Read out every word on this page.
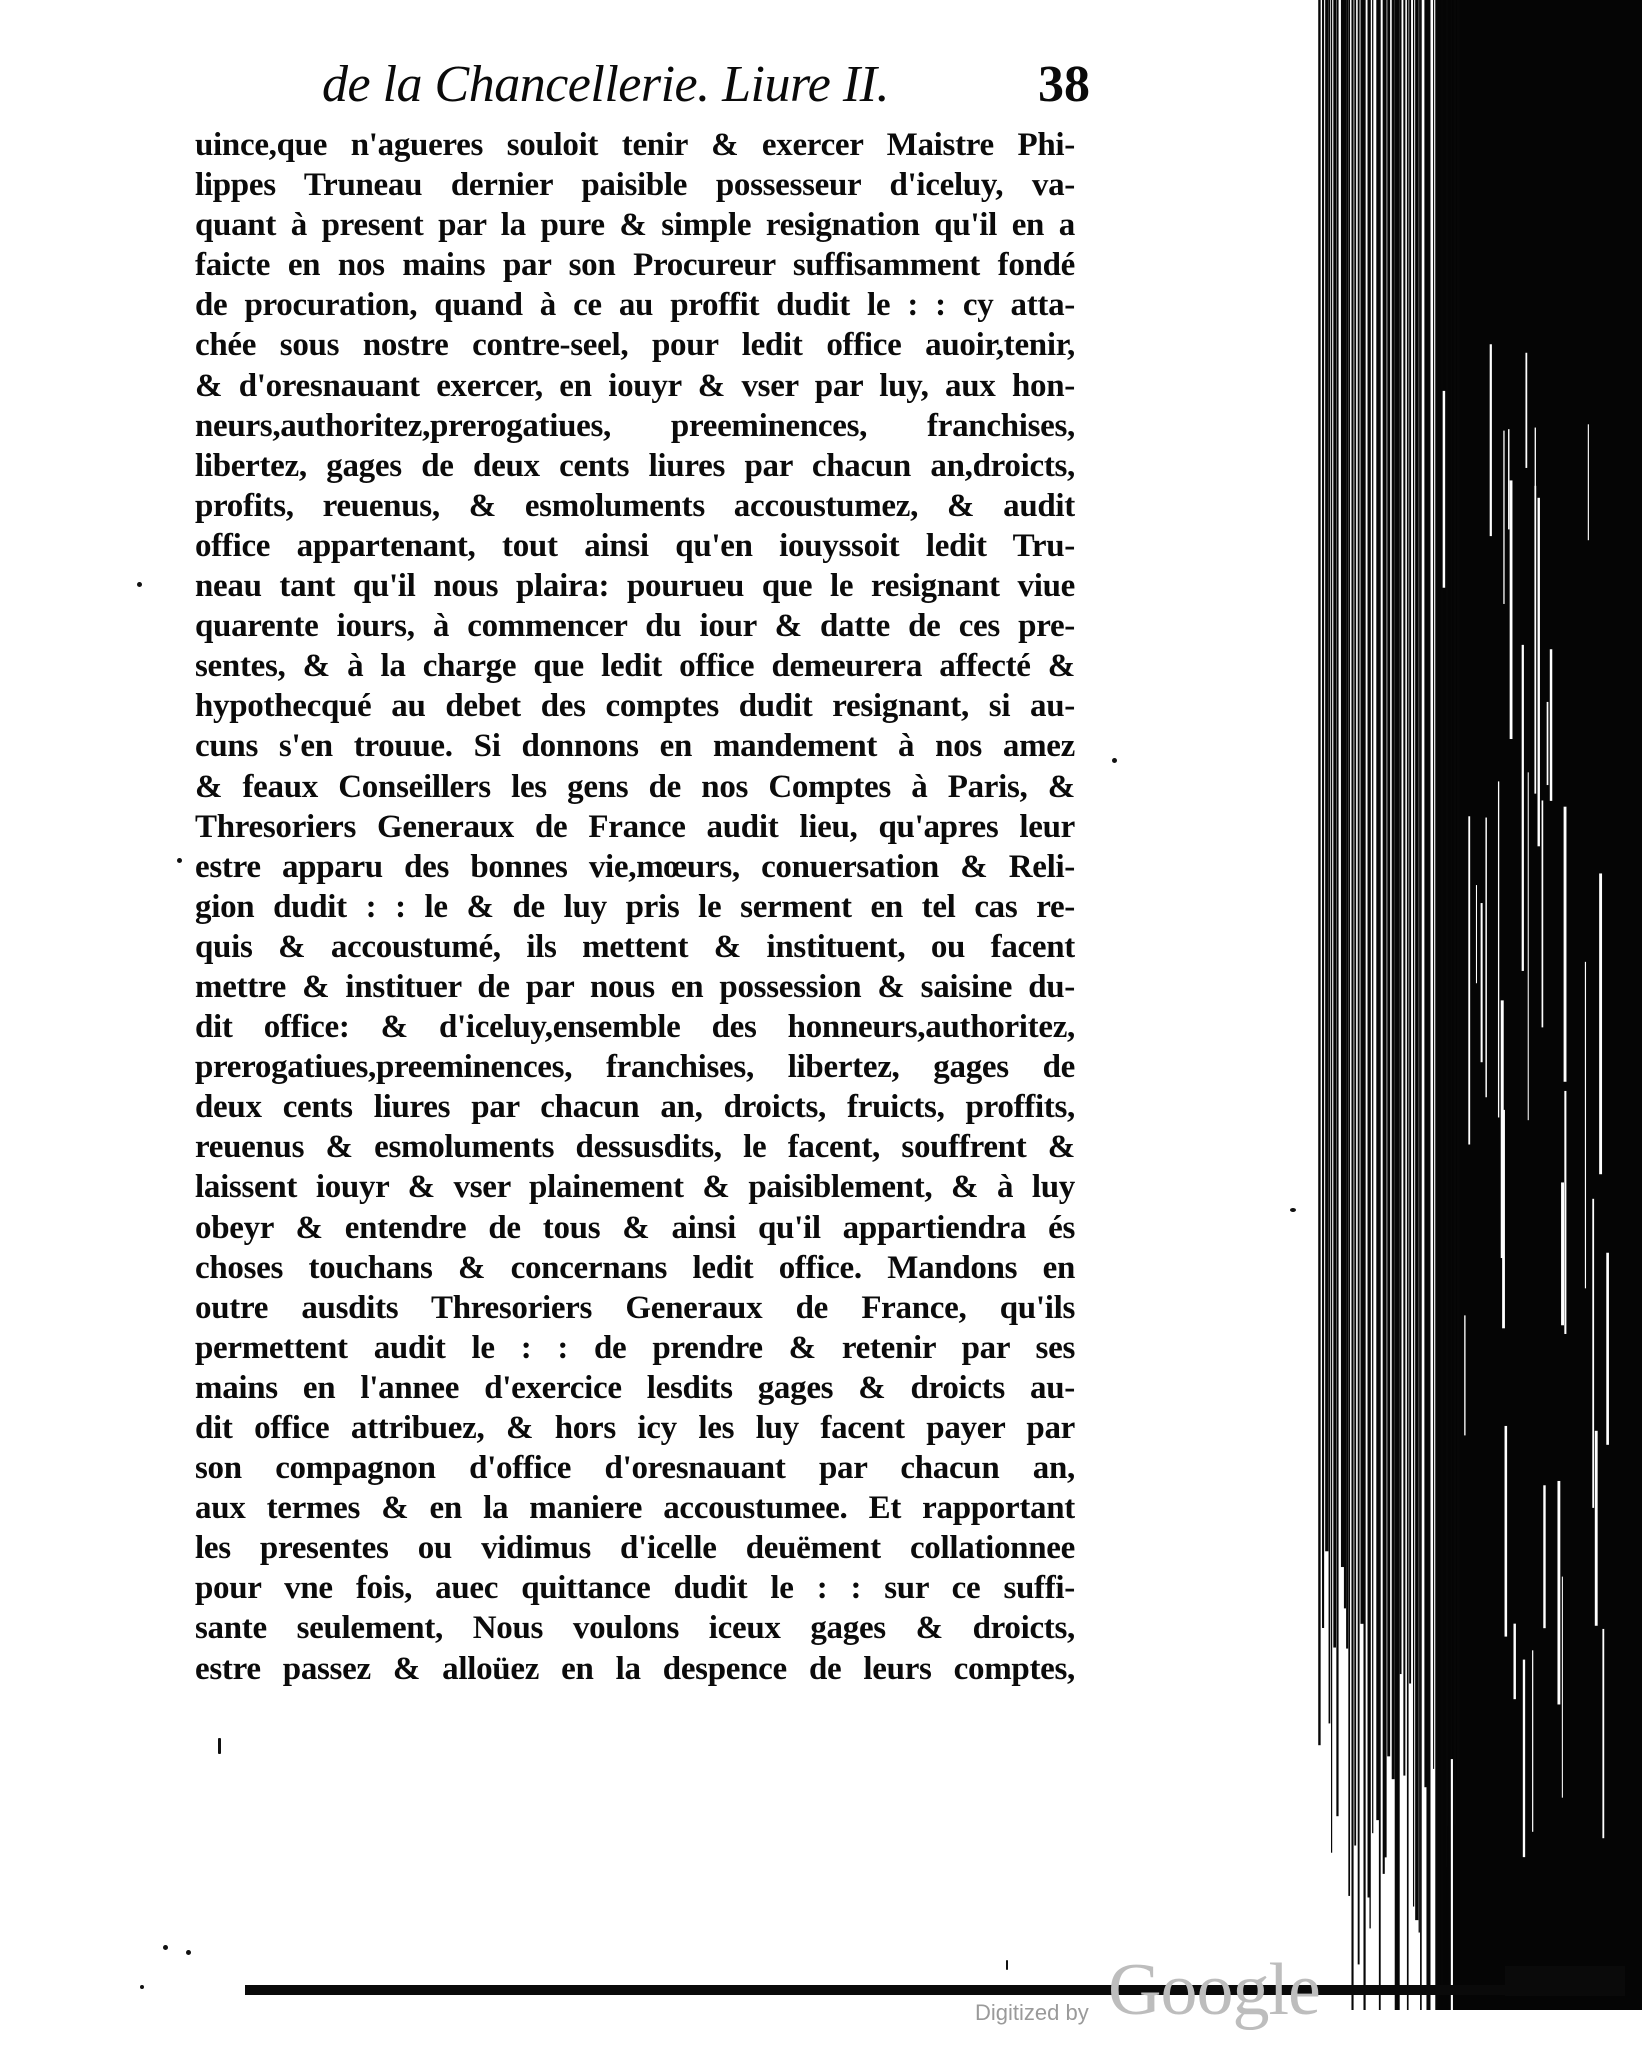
de la Chancellerie. Liure II.	38
uince,que n'agueres souloit tenir & exercer Maistre Phi-
lippes Truneau dernier paisible possesseur d'iceluy, va-
quant à present par la pure & simple resignation qu'il en a
faicte en nos mains par son Procureur suffisamment fondé
de procuration, quand à ce au proffit dudit le : : cy atta-
chée sous nostre contre-seel, pour ledit office auoir,tenir,
& d'oresnauant exercer, en iouyr & vser par luy, aux hon-
neurs,authoritez,prerogatiues, preeminences, franchises,
libertez, gages de deux cents liures par chacun an,droicts,
profits, reuenus, & esmoluments accoustumez, & audit
office appartenant, tout ainsi qu'en iouyssoit ledit Tru-
neau tant qu'il nous plaira: pourueu que le resignant viue
quarente iours, à commencer du iour & datte de ces pre-
sentes, & à la charge que ledit office demeurera affecté &
hypothecqué au debet des comptes dudit resignant, si au-
cuns s'en trouue. Si donnons en mandement à nos amez
& feaux Conseillers les gens de nos Comptes à Paris, &
Thresoriers Generaux de France audit lieu, qu'apres leur
estre apparu des bonnes vie,mœurs, conuersation & Reli-
gion dudit : : le & de luy pris le serment en tel cas re-
quis & accoustumé, ils mettent & instituent, ou facent
mettre & instituer de par nous en possession & saisine du-
dit office: & d'iceluy,ensemble des honneurs,authoritez,
prerogatiues,preeminences, franchises, libertez, gages de
deux cents liures par chacun an, droicts, fruicts, proffits,
reuenus & esmoluments dessusdits, le facent, souffrent &
laissent iouyr & vser plainement & paisiblement, & à luy
obeyr & entendre de tous & ainsi qu'il appartiendra és
choses touchans & concernans ledit office. Mandons en
outre ausdits Thresoriers Generaux de France, qu'ils
permettent audit le : : de prendre & retenir par ses
mains en l'annee d'exercice lesdits gages & droicts au-
dit office attribuez, & hors icy les luy facent payer par
son compagnon d'office d'oresnauant par chacun an,
aux termes & en la maniere accoustumee. Et rapportant
les presentes ou vidimus d'icelle deuëment collationnee
pour vne fois, auec quittance dudit le : : sur ce suffi-
sante seulement, Nous voulons iceux gages & droicts,
estre passez & alloüez en la despence de leurs comptes,
Digitized by Google
